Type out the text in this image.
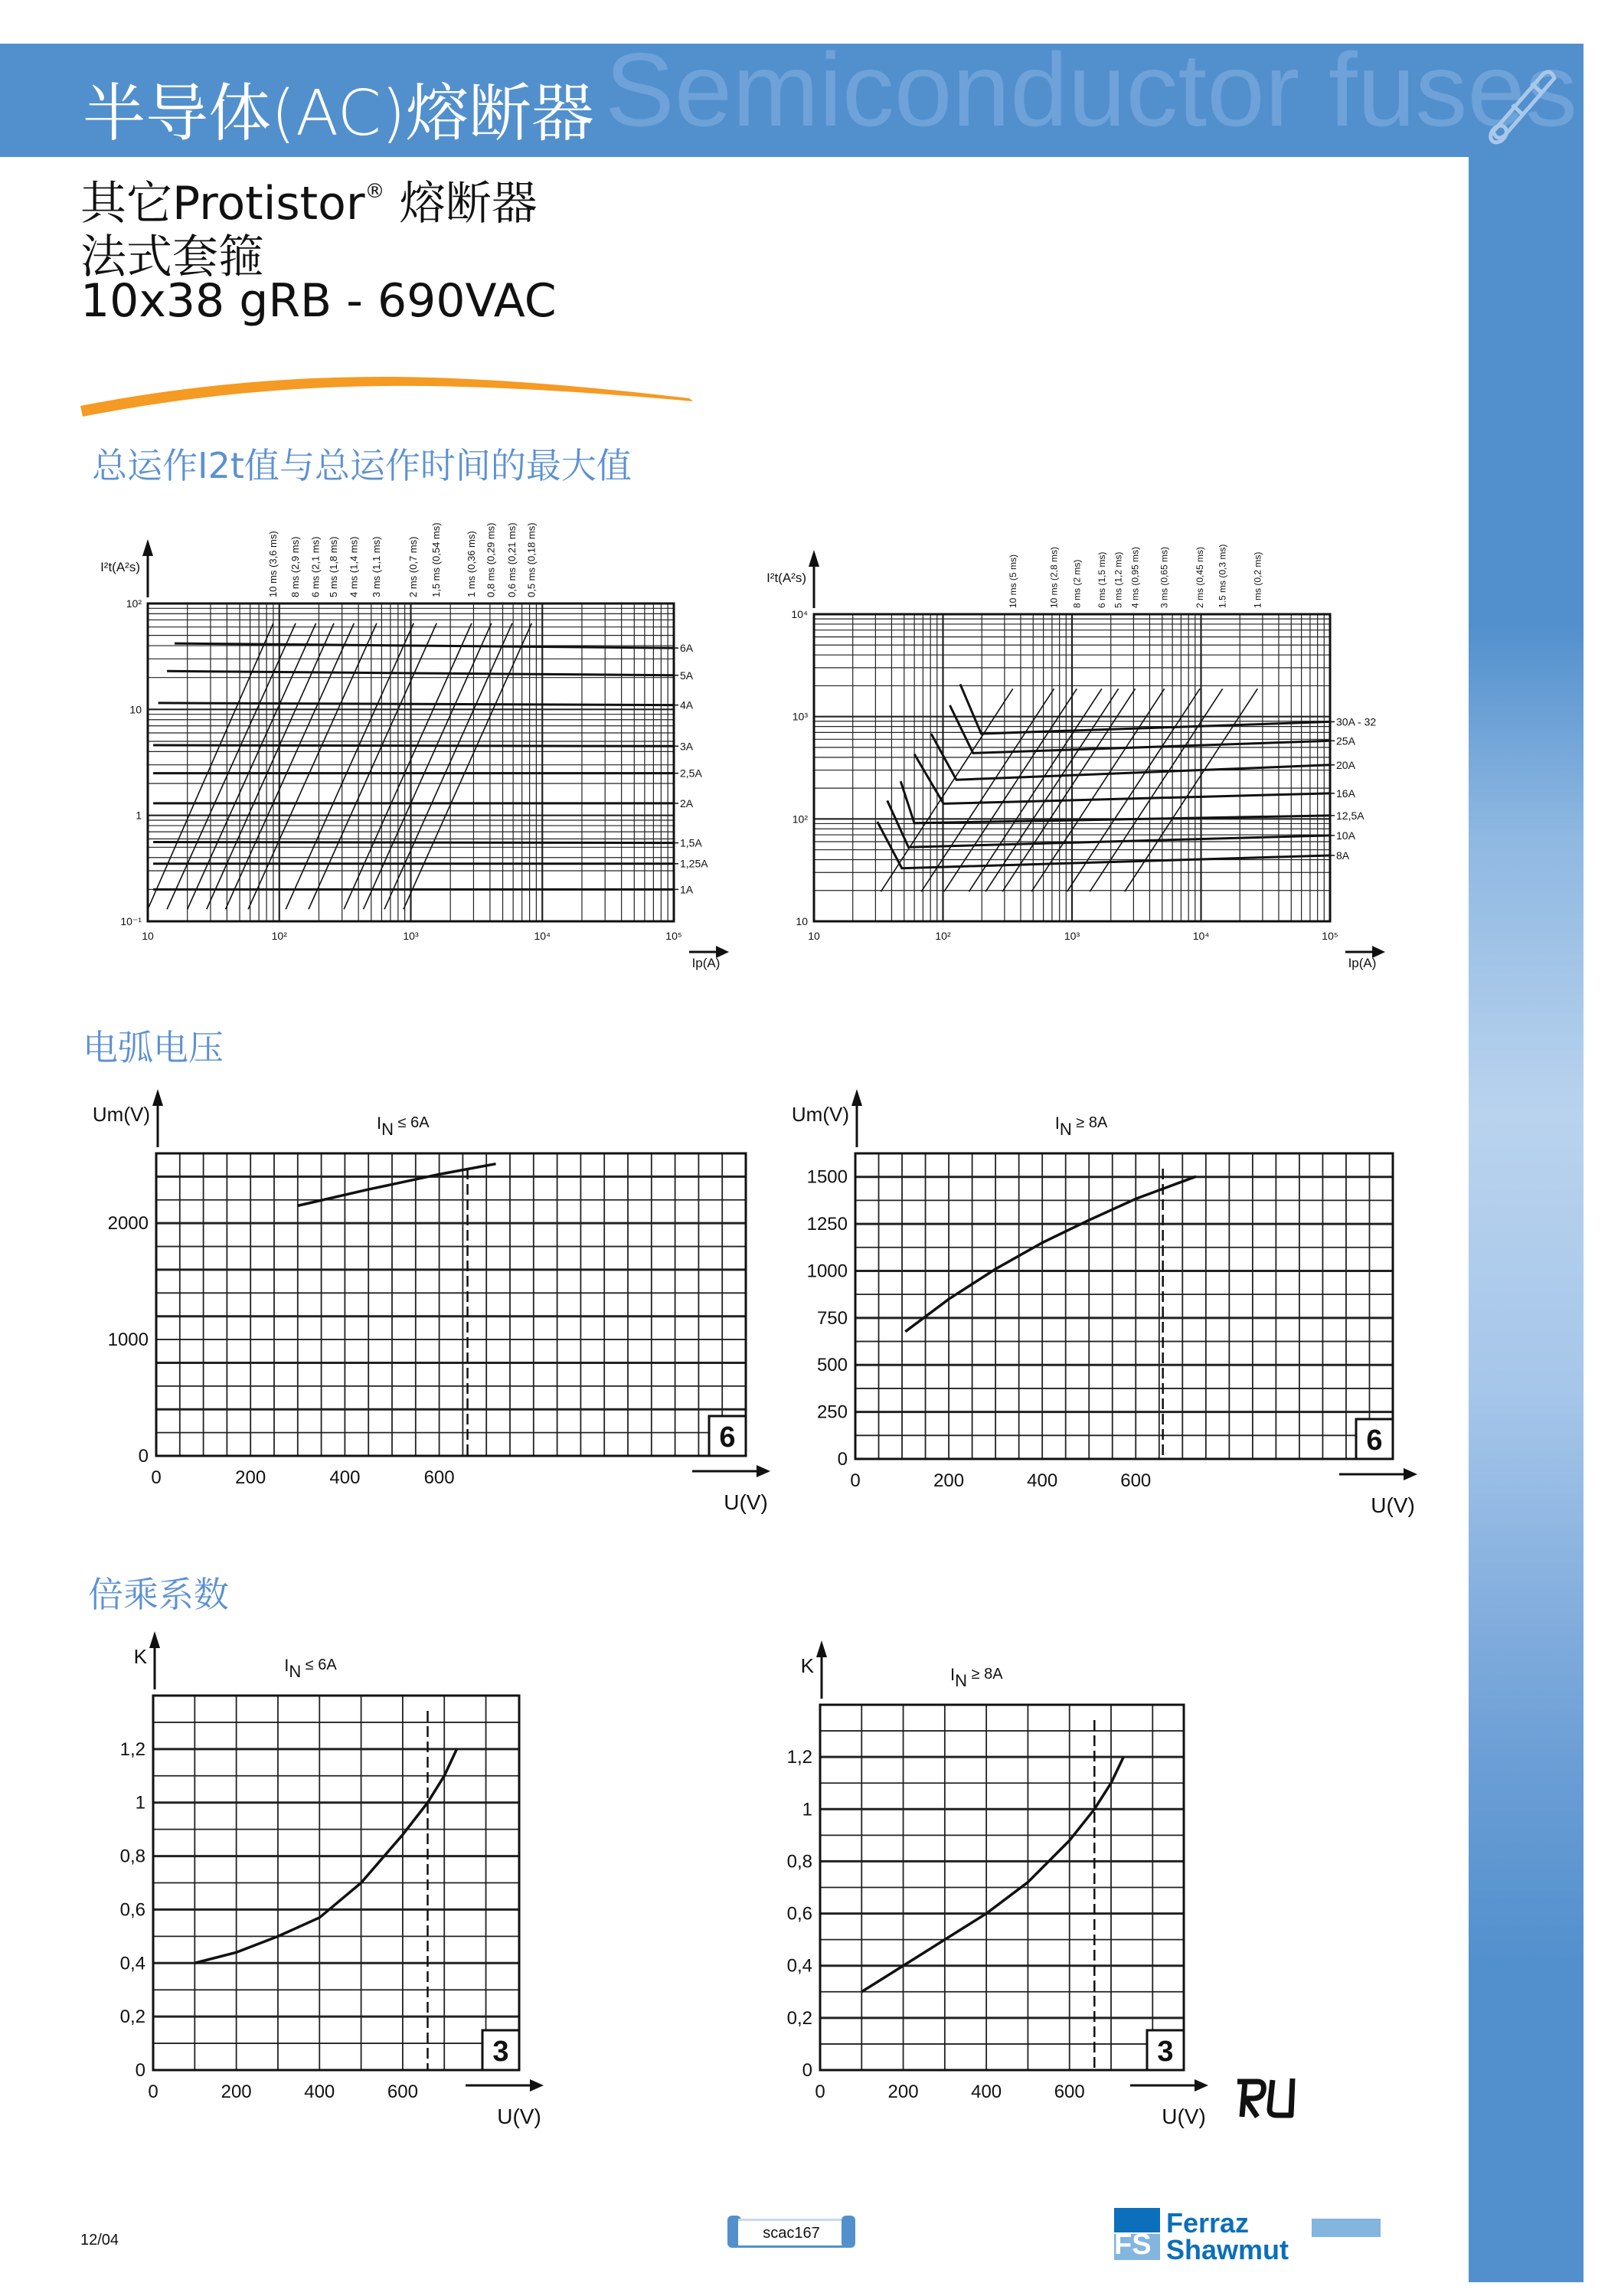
Semiconductor fuses
半导体(AC)熔断器
其它Protistor® 熔断器
法式套箍
10x38 gRB - 690VAC
总运作I2t值与总运作时间的最大值
电弧电压
倍乘系数
6A
5A
4A
3A
2,5A
2A
1,5A
1,25A
1A
10 ms (3,6 ms) 8 ms (2,9 ms) 6 ms (2,1 ms) 5 ms (1,8 ms) 4 ms (1,4 ms) 3 ms (1,1 ms)	2 ms (0,7 ms) 1,5 ms (0,54 ms) 1 ms (0,36 ms) 0,8 ms (0,29 ms) 0,6 ms (0,21 ms) 0,5 ms (0,18 ms)
10	10²	10³	10⁴	10⁵
10²
10
1
10⁻¹
I²t(A²s)
Ip(A)
30A - 32
25A
20A
16A
12,5A
10A
8A
10 ms (5 ms)	10 ms (2,8 ms) 8 ms (2 ms) 6 ms (1,5 ms) 5 ms (1,2 ms) 4 ms (0,95 ms) 3 ms (0,65 ms)	2 ms (0,45 ms) 1.5 ms (0,3 ms)	1 ms (0,2 ms)
10	10²	10³	10⁴	10⁵
10⁴
10³
10²
10
I²t(A²s)
Ip(A)
6
0	200	400	600
0
1000
2000
IN ≤ 6A
Um(V)
U(V)
6
0	200	400	600
0
250
500
750
1000
1250
1500
IN ≥ 8A
Um(V)
U(V)
3
0	200	400	600
0
0,2
0,4
0,6
0,8
1
1,2
IN ≤ 6A
K
U(V)
3
0	200	400	600
0
0,2
0,4
0,6
0,8
1
1,2
IN ≥ 8A
K
U(V)
12/04	scac167	FS
Ferraz
Shawmut
